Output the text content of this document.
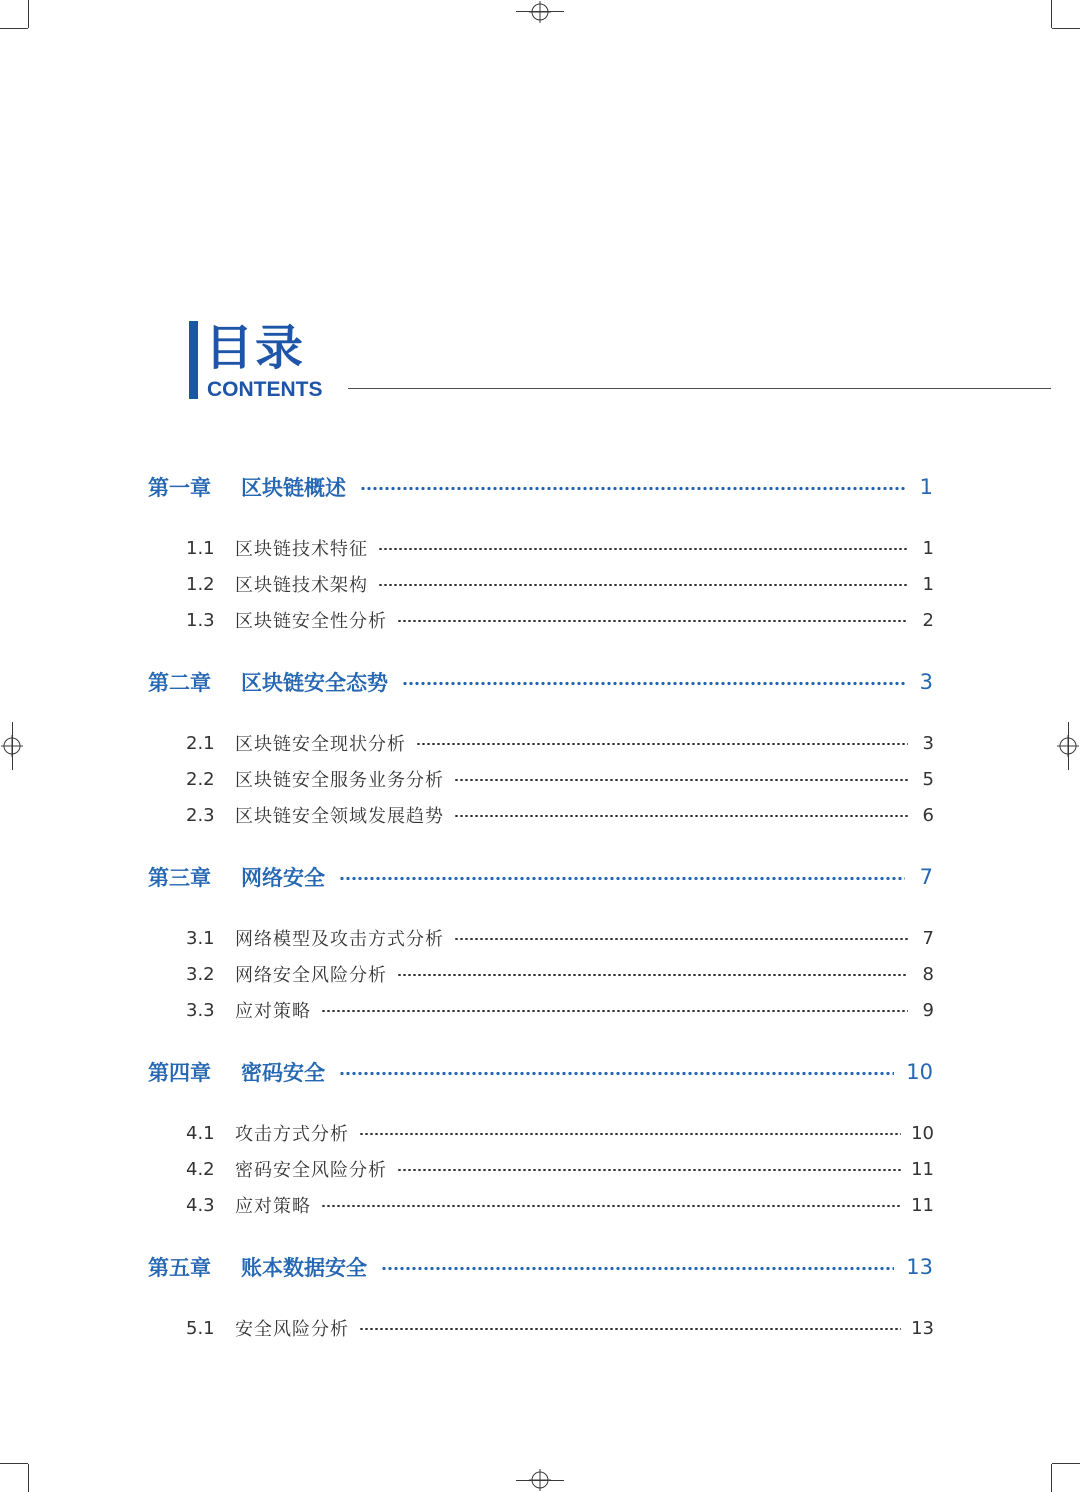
目录
CONTENTS
第一章	区块链概述	1
1.1	区块链技术特征	1
1.2	区块链技术架构	1
1.3	区块链安全性分析	2
第二章	区块链安全态势	3
2.1	区块链安全现状分析	3
2.2	区块链安全服务业务分析	5
2.3	区块链安全领域发展趋势	6
第三章	网络安全	7
3.1	网络模型及攻击方式分析	7
3.2	网络安全风险分析	8
3.3	应对策略	9
第四章	密码安全	10
4.1	攻击方式分析	10
4.2	密码安全风险分析	11
4.3	应对策略	11
第五章	账本数据安全	13
5.1	安全风险分析	13
